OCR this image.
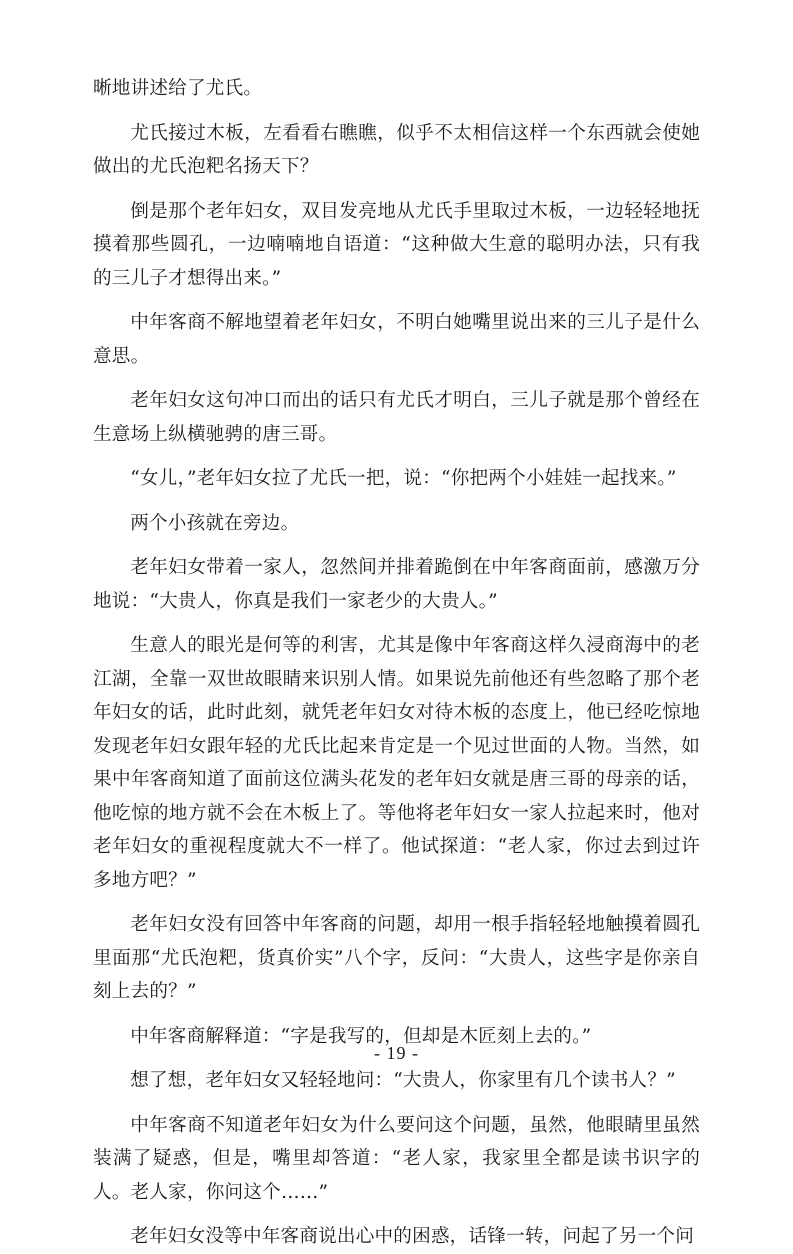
晰地讲述给了尤氏。

尤氏接过木板，左看看右瞧瞧，似乎不太相信这样一个东西就会使她做出的尤氏泡粑名扬天下？

倒是那个老年妇女，双目发亮地从尤氏手里取过木板，一边轻轻地抚摸着那些圆孔，一边喃喃地自语道：“这种做大生意的聪明办法，只有我的三儿子才想得出来。”

中年客商不解地望着老年妇女，不明白她嘴里说出来的三儿子是什么意思。

老年妇女这句冲口而出的话只有尤氏才明白，三儿子就是那个曾经在生意场上纵横驰骋的唐三哥。

“女儿，”老年妇女拉了尤氏一把，说：“你把两个小娃娃一起找来。”

两个小孩就在旁边。

老年妇女带着一家人，忽然间并排着跪倒在中年客商面前，感激万分地说：“大贵人，你真是我们一家老少的大贵人。”

生意人的眼光是何等的利害，尤其是像中年客商这样久浸商海中的老江湖，全靠一双世故眼睛来识别人情。如果说先前他还有些忽略了那个老年妇女的话，此时此刻，就凭老年妇女对待木板的态度上，他已经吃惊地发现老年妇女跟年轻的尤氏比起来肯定是一个见过世面的人物。当然，如果中年客商知道了面前这位满头花发的老年妇女就是唐三哥的母亲的话，他吃惊的地方就不会在木板上了。等他将老年妇女一家人拉起来时，他对老年妇女的重视程度就大不一样了。他试探道：“老人家，你过去到过许多地方吧？”

老年妇女没有回答中年客商的问题，却用一根手指轻轻地触摸着圆孔里面那“尤氏泡粑，货真价实”八个字，反问：“大贵人，这些字是你亲自刻上去的？”

中年客商解释道：“字是我写的，但却是木匠刻上去的。”

想了想，老年妇女又轻轻地问：“大贵人，你家里有几个读书人？”

中年客商不知道老年妇女为什么要问这个问题，虽然，他眼睛里虽然装满了疑惑，但是，嘴里却答道：“老人家，我家里全都是读书识字的人。老人家，你问这个……”

老年妇女没等中年客商说出心中的困惑，话锋一转，问起了另一个问

- 19 -
